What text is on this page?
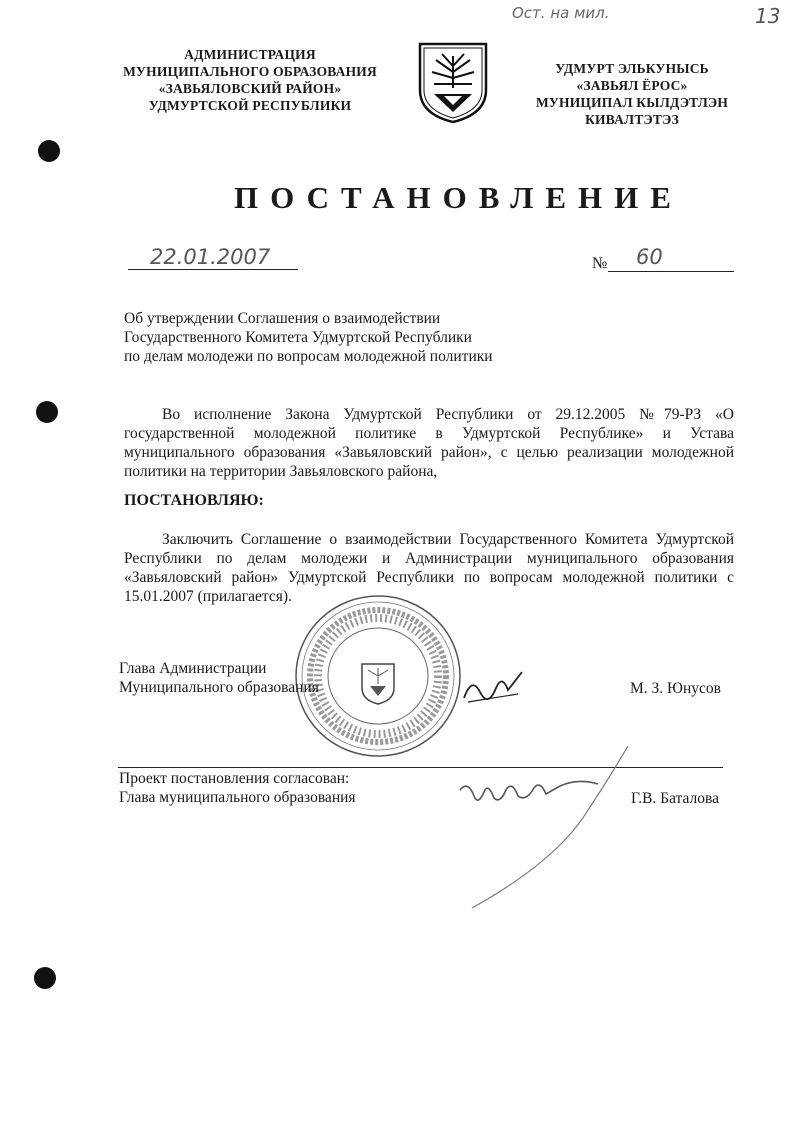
Ост. на мил.	13
АДМИНИСТРАЦИЯ
МУНИЦИПАЛЬНОГО ОБРАЗОВАНИЯ
«ЗАВЬЯЛОВСКИЙ РАЙОН»
УДМУРТСКОЙ РЕСПУБЛИКИ
УДМУРТ ЭЛЬКУНЫСЬ
«ЗАВЬЯЛ ЁРОС»
МУНИЦИПАЛ КЫЛДЭТЛЭН
КИВАЛТЭТЭЗ
ПОСТАНОВЛЕНИЕ
22.01.2007	№ 60
Об утверждении Соглашения о взаимодействии
Государственного Комитета Удмуртской Республики
по делам молодежи по вопросам молодежной политики
Во исполнение Закона Удмуртской Республики от 29.12.2005 №79-РЗ «О государственной молодежной политике в Удмуртской Республике» и Устава муниципального образования «Завьяловский район», с целью реализации молодежной политики на территории Завьяловского района,
ПОСТАНОВЛЯЮ:
Заключить Соглашение о взаимодействии Государственного Комитета Удмуртской Республики по делам молодежи и Администрации муниципального образования «Завьяловский район» Удмуртской Республики по вопросам молодежной политики с 15.01.2007 (прилагается).
Глава Администрации
Муниципального образования	М. З. Юнусов
Проект постановления согласован:
Глава муниципального образования	Г.В. Баталова
